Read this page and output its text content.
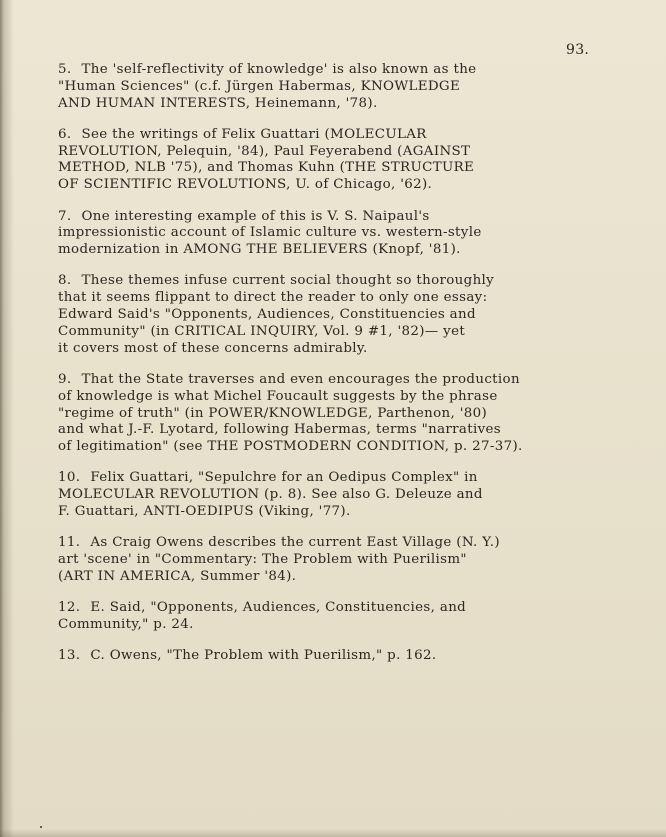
93.

5. The 'self-reflectivity of knowledge' is also known as the
"Human Sciences" (c.f. Jürgen Habermas, KNOWLEDGE
AND HUMAN INTERESTS, Heinemann, '78).

6. See the writings of Felix Guattari (MOLECULAR
REVOLUTION, Pelequin, '84), Paul Feyerabend (AGAINST
METHOD, NLB '75), and Thomas Kuhn (THE STRUCTURE
OF SCIENTIFIC REVOLUTIONS, U. of Chicago, '62).

7. One interesting example of this is V. S. Naipaul's
impressionistic account of Islamic culture vs. western-style
modernization in AMONG THE BELIEVERS (Knopf, '81).

8. These themes infuse current social thought so thoroughly
that it seems flippant to direct the reader to only one essay:
Edward Said's "Opponents, Audiences, Constituencies and
Community" (in CRITICAL INQUIRY, Vol. 9 #1, '82)— yet
it covers most of these concerns admirably.

9. That the State traverses and even encourages the production
of knowledge is what Michel Foucault suggests by the phrase
"regime of truth" (in POWER/KNOWLEDGE, Parthenon, '80)
and what J.-F. Lyotard, following Habermas, terms "narratives
of legitimation" (see THE POSTMODERN CONDITION, p. 27-37).

10. Felix Guattari, "Sepulchre for an Oedipus Complex" in
MOLECULAR REVOLUTION (p. 8). See also G. Deleuze and
F. Guattari, ANTI-OEDIPUS (Viking, '77).

11. As Craig Owens describes the current East Village (N. Y.)
art 'scene' in "Commentary: The Problem with Puerilism"
(ART IN AMERICA, Summer '84).

12. E. Said, "Opponents, Audiences, Constituencies, and
Community," p. 24.

13. C. Owens, "The Problem with Puerilism," p. 162.
